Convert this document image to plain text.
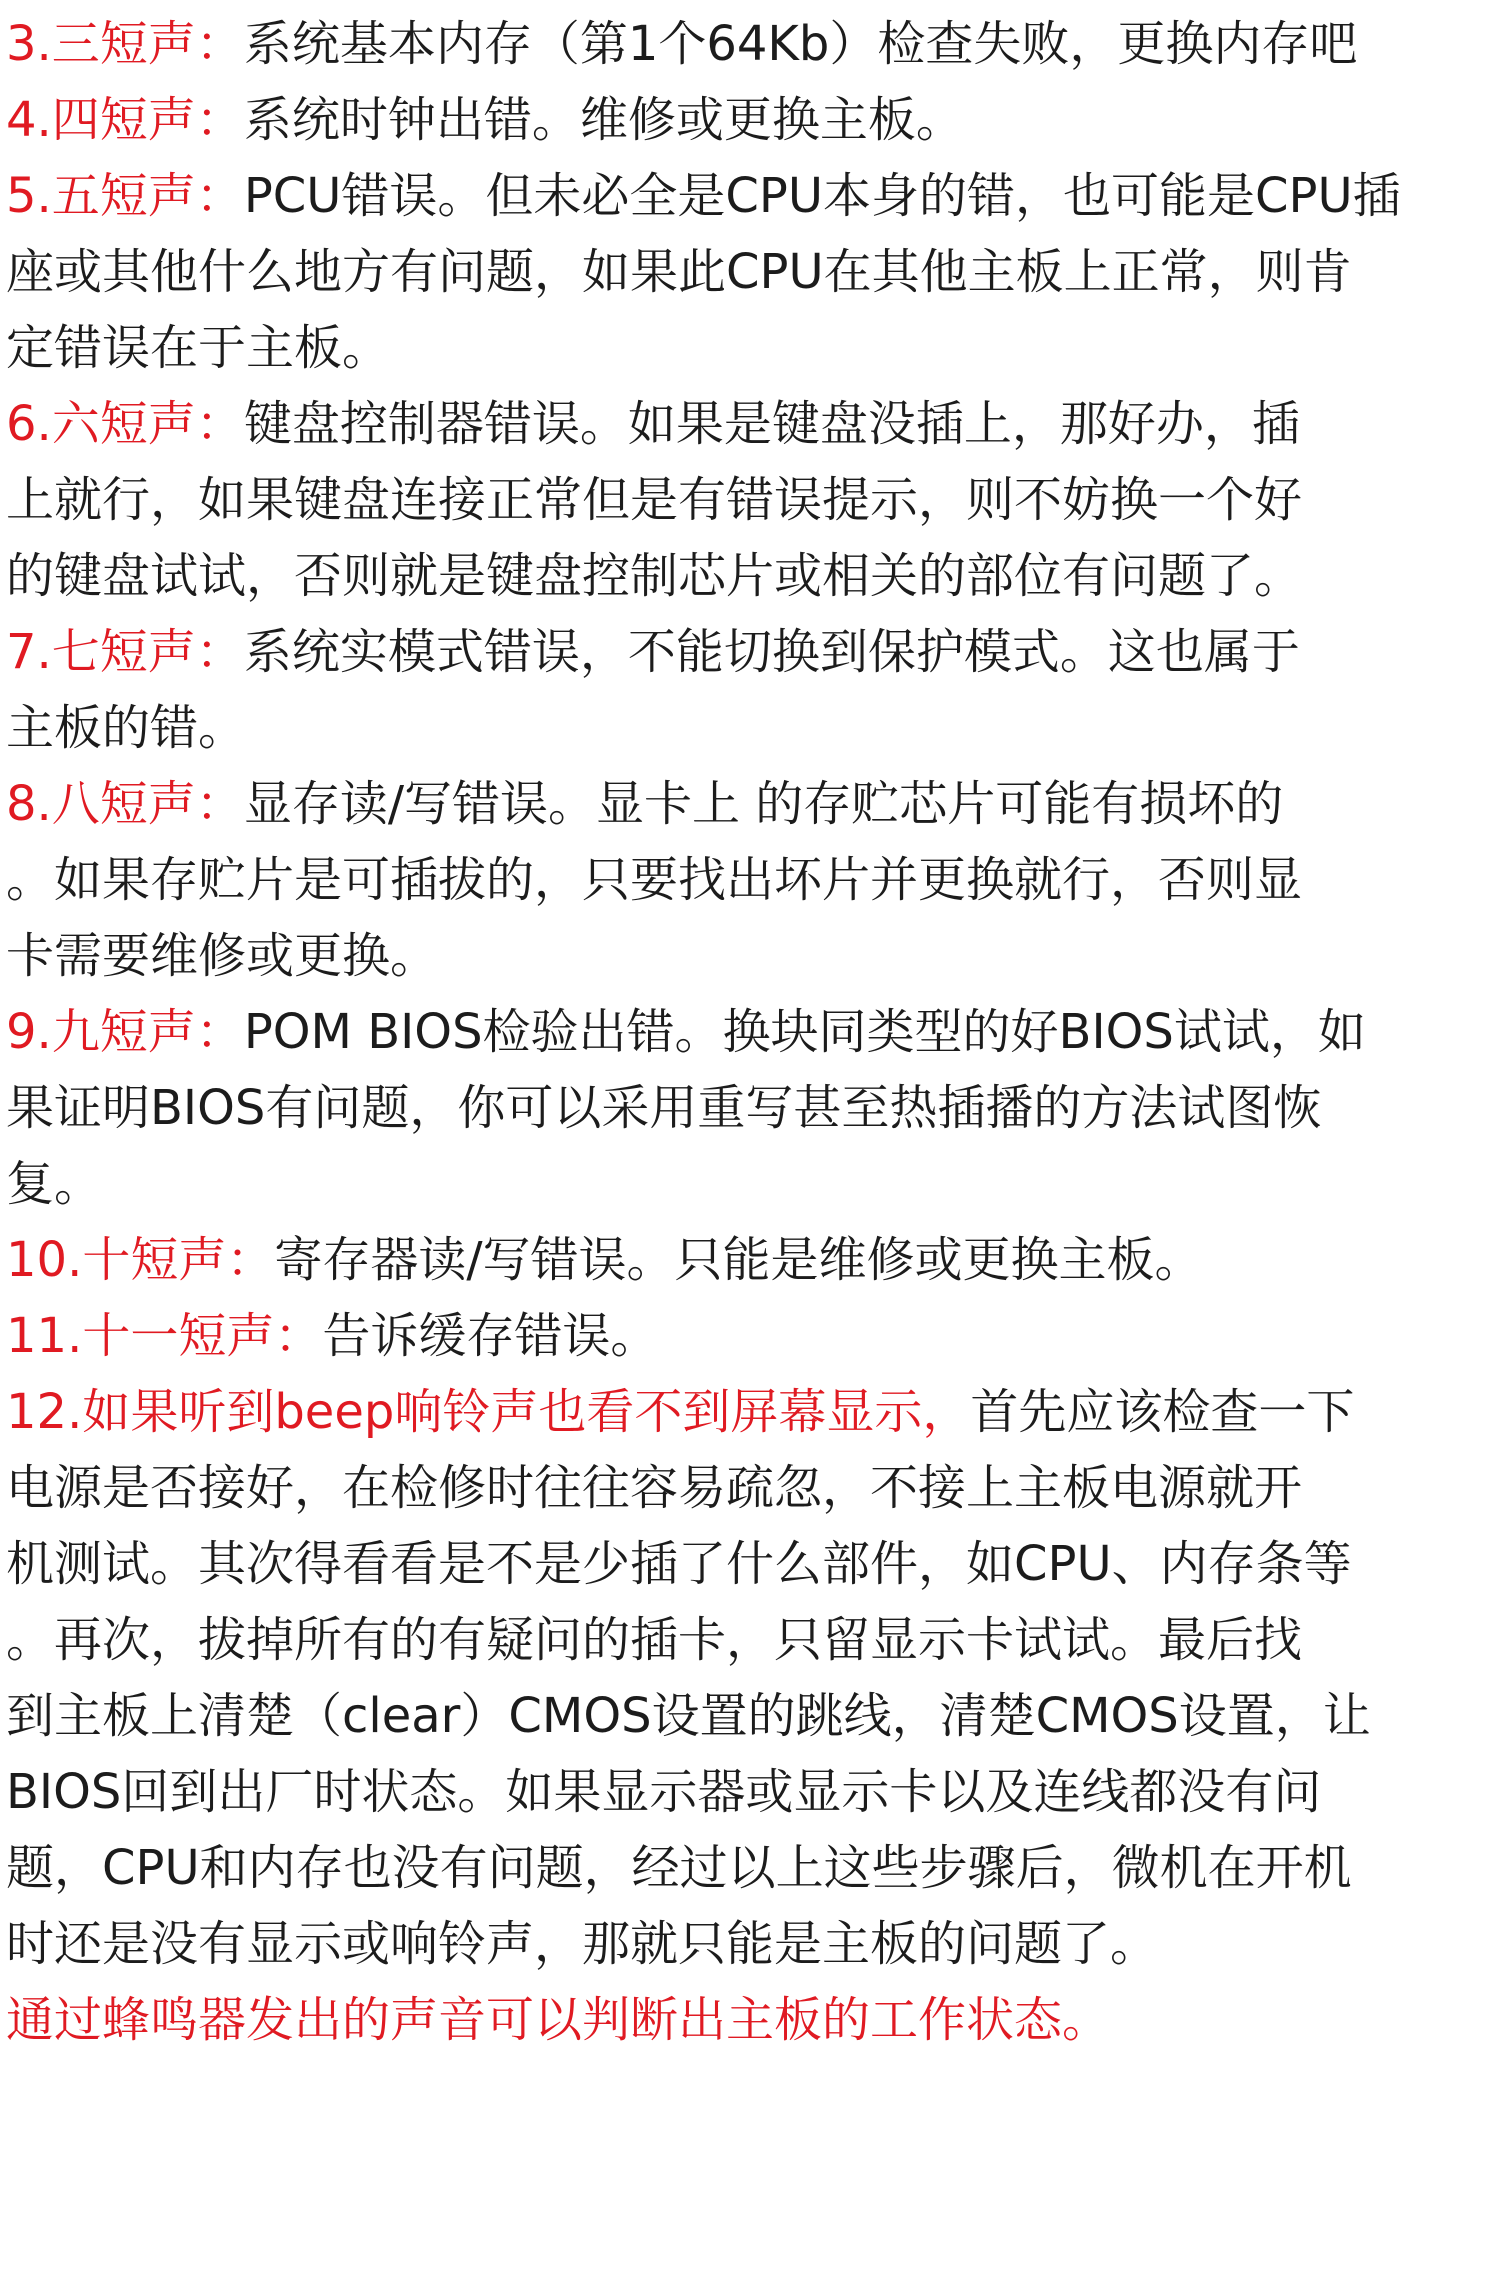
3.三短声：系统基本内存（第1个64Kb）检查失败，更换内存吧
4.四短声：系统时钟出错。维修或更换主板。
5.五短声：PCU错误。但未必全是CPU本身的错，也可能是CPU插
座或其他什么地方有问题，如果此CPU在其他主板上正常，则肯
定错误在于主板。
6.六短声：键盘控制器错误。如果是键盘没插上，那好办，插
上就行，如果键盘连接正常但是有错误提示，则不妨换一个好
的键盘试试，否则就是键盘控制芯片或相关的部位有问题了。
7.七短声：系统实模式错误，不能切换到保护模式。这也属于
主板的错。
8.八短声：显存读/写错误。显卡上 的存贮芯片可能有损坏的
。如果存贮片是可插拔的，只要找出坏片并更换就行，否则显
卡需要维修或更换。
9.九短声：POM BIOS检验出错。换块同类型的好BIOS试试，如
果证明BIOS有问题，你可以采用重写甚至热插播的方法试图恢
复。
10.十短声：寄存器读/写错误。只能是维修或更换主板。
11.十一短声：告诉缓存错误。
12.如果听到beep响铃声也看不到屏幕显示，首先应该检查一下
电源是否接好，在检修时往往容易疏忽，不接上主板电源就开
机测试。其次得看看是不是少插了什么部件，如CPU、内存条等
。再次，拔掉所有的有疑问的插卡，只留显示卡试试。最后找
到主板上清楚（clear）CMOS设置的跳线，清楚CMOS设置，让
BIOS回到出厂时状态。如果显示器或显示卡以及连线都没有问
题，CPU和内存也没有问题，经过以上这些步骤后，微机在开机
时还是没有显示或响铃声，那就只能是主板的问题了。
通过蜂鸣器发出的声音可以判断出主板的工作状态。
